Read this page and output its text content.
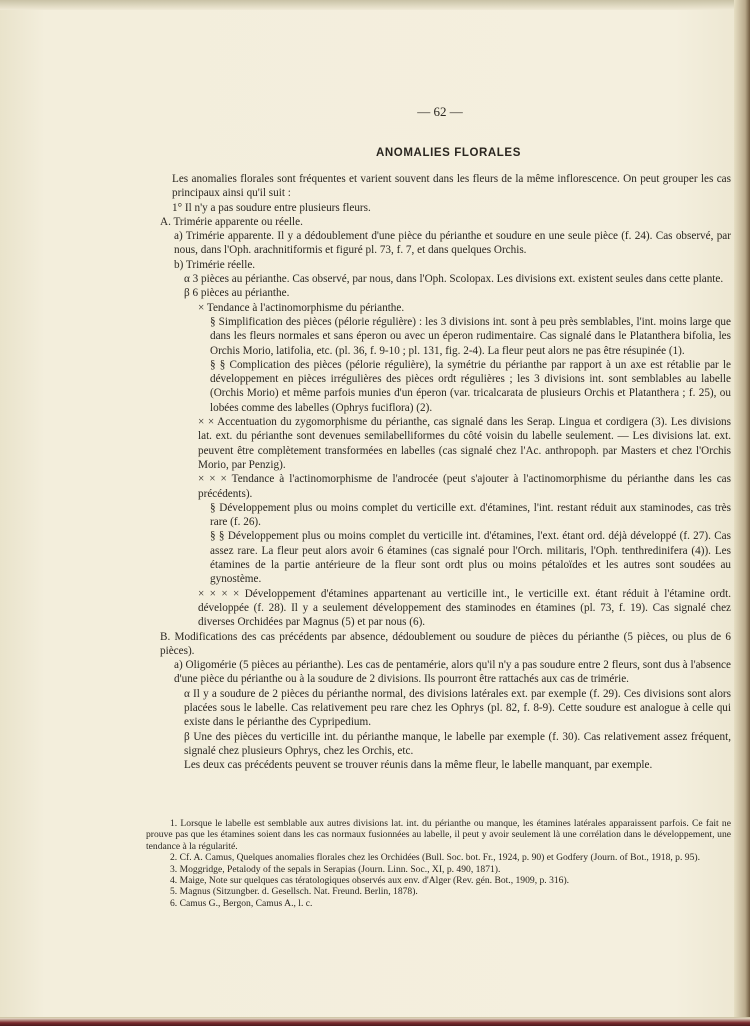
— 62 —
ANOMALIES FLORALES

Les anomalies florales sont fréquentes et varient souvent dans les fleurs de la même inflorescence. On peut grouper les cas principaux ainsi qu'il suit :

1° Il n'y a pas soudure entre plusieurs fleurs.

A. Trimérie apparente ou réelle.

a) Trimérie apparente. Il y a dédoublement d'une pièce du périanthe et soudure en une seule pièce (f. 24). Cas observé, par nous, dans l'Oph. arachnitiformis et figuré pl. 73, f. 7, et dans quelques Orchis.

b) Trimérie réelle.

α 3 pièces au périanthe. Cas observé, par nous, dans l'Oph. Scolopax. Les divisions ext. existent seules dans cette plante.

β 6 pièces au périanthe.

× Tendance à l'actinomorphisme du périanthe.

§ Simplification des pièces (pélorie régulière) : les 3 divisions int. sont à peu près semblables, l'int. moins large que dans les fleurs normales et sans éperon ou avec un éperon rudimentaire. Cas signalé dans le Platanthera bifolia, les Orchis Morio, latifolia, etc. (pl. 36, f. 9-10 ; pl. 131, fig. 2-4). La fleur peut alors ne pas être résupinée (1).

§ § Complication des pièces (pélorie régulière), la symétrie du périanthe par rapport à un axe est rétablie par le développement en pièces irrégulières des pièces ordt régulières ; les 3 divisions int. sont semblables au labelle (Orchis Morio) et même parfois munies d'un éperon (var. tricalcarata de plusieurs Orchis et Platanthera ; f. 25), ou lobées comme des labelles (Ophrys fuciflora) (2).

× × Accentuation du zygomorphisme du périanthe, cas signalé dans les Serap. Lingua et cordigera (3). Les divisions lat. ext. du périanthe sont devenues semilabelliformes du côté voisin du labelle seulement. — Les divisions lat. ext. peuvent être complètement transformées en labelles (cas signalé chez l'Ac. anthropoph. par Masters et chez l'Orchis Morio, par Penzig).

× × × Tendance à l'actinomorphisme de l'androcée (peut s'ajouter à l'actinomorphisme du périanthe dans les cas précédents).

§ Développement plus ou moins complet du verticille ext. d'étamines, l'int. restant réduit aux staminodes, cas très rare (f. 26).

§ § Développement plus ou moins complet du verticille int. d'étamines, l'ext. étant ord. déjà développé (f. 27). Cas assez rare. La fleur peut alors avoir 6 étamines (cas signalé pour l'Orch. militaris, l'Oph. tenthredinifera (4)). Les étamines de la partie antérieure de la fleur sont ordt plus ou moins pétaloïdes et les autres sont soudées au gynostème.

× × × × Développement d'étamines appartenant au verticille int., le verticille ext. étant réduit à l'étamine ordt. développée (f. 28). Il y a seulement développement des staminodes en étamines (pl. 73, f. 19). Cas signalé chez diverses Orchidées par Magnus (5) et par nous (6).

B. Modifications des cas précédents par absence, dédoublement ou soudure de pièces du périanthe (5 pièces, ou plus de 6 pièces).

a) Oligomérie (5 pièces au périanthe). Les cas de pentamérie, alors qu'il n'y a pas soudure entre 2 fleurs, sont dus à l'absence d'une pièce du périanthe ou à la soudure de 2 divisions. Ils pourront être rattachés aux cas de trimérie.

α Il y a soudure de 2 pièces du périanthe normal, des divisions latérales ext. par exemple (f. 29). Ces divisions sont alors placées sous le labelle. Cas relativement peu rare chez les Ophrys (pl. 82, f. 8-9). Cette soudure est analogue à celle qui existe dans le périanthe des Cypripedium.

β Une des pièces du verticille int. du périanthe manque, le labelle par exemple (f. 30). Cas relativement assez fréquent, signalé chez plusieurs Ophrys, chez les Orchis, etc.

Les deux cas précédents peuvent se trouver réunis dans la même fleur, le labelle manquant, par exemple.

1. Lorsque le labelle est semblable aux autres divisions lat. int. du périanthe ou manque, les étamines latérales apparaissent parfois. Ce fait ne prouve pas que les étamines soient dans les cas normaux fusionnées au labelle, il peut y avoir seulement là une corrélation dans le développement, une tendance à la régularité.

2. Cf. A. Camus, Quelques anomalies florales chez les Orchidées (Bull. Soc. bot. Fr., 1924, p. 90) et Godfery (Journ. of Bot., 1918, p. 95).

3. Moggridge, Petalody of the sepals in Serapias (Journ. Linn. Soc., XI, p. 490, 1871).

4. Maige, Note sur quelques cas tératologiques observés aux env. d'Alger (Rev. gén. Bot., 1909, p. 316).

5. Magnus (Sitzungber. d. Gesellsch. Nat. Freund. Berlin, 1878).

6. Camus G., Bergon, Camus A., l. c.
